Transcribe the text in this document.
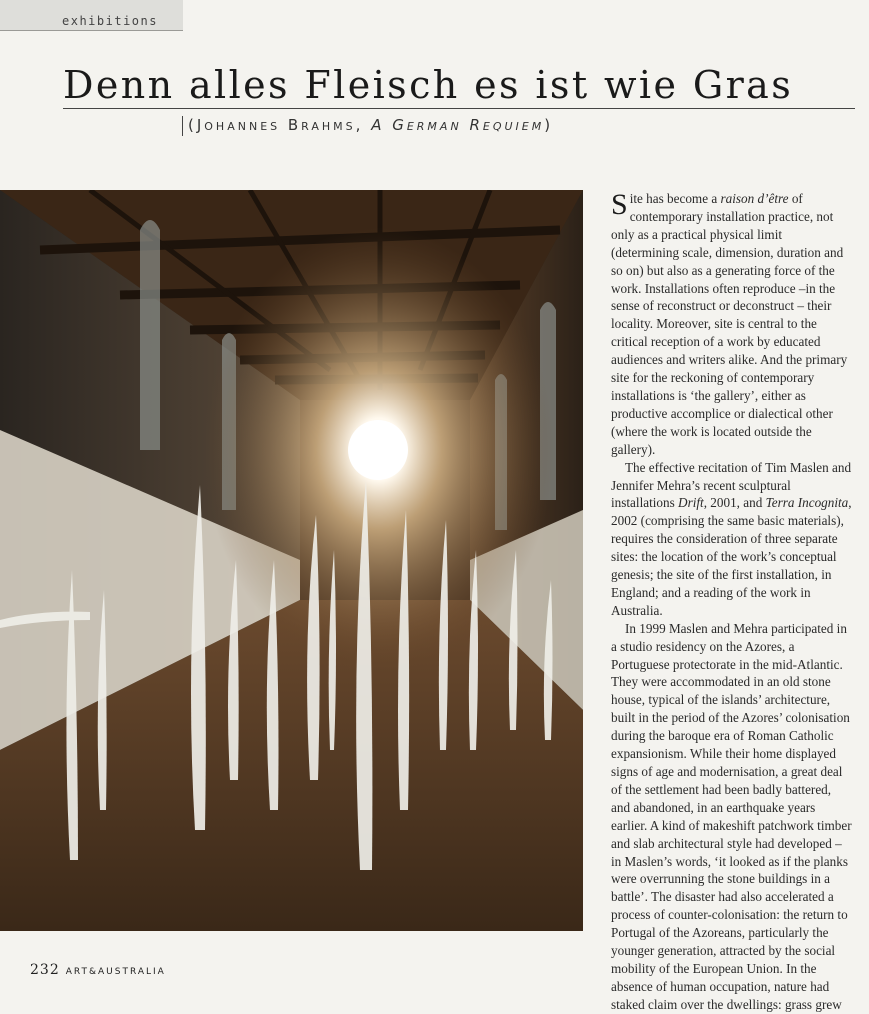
exhibitions
Denn alles Fleisch es ist wie Gras
(Johannes Brahms, A German Requiem)

Site has become a raison d’être of contemporary installation practice, not only as a practical physical limit (determining scale, dimension, duration and so on) but also as a generating force of the work. Installations often reproduce –in the sense of reconstruct or deconstruct – their locality. Moreover, site is central to the critical reception of a work by educated audiences and writers alike. And the primary site for the reckoning of contemporary installations is ‘the gallery’, either as productive accomplice or dialectical other (where the work is located outside the gallery).

The effective recitation of Tim Maslen and Jennifer Mehra’s recent sculptural installations Drift, 2001, and Terra Incognita, 2002 (comprising the same basic materials), requires the consideration of three separate sites: the location of the work’s conceptual genesis; the site of the first installation, in England; and a reading of the work in Australia.

In 1999 Maslen and Mehra participated in a studio residency on the Azores, a Portuguese protectorate in the mid-Atlantic. They were accommodated in an old stone house, typical of the islands’ architecture, built in the period of the Azores’ colonisation during the baroque era of Roman Catholic expansionism. While their home displayed signs of age and modernisation, a great deal of the settlement had been badly battered, and abandoned, in an earthquake years earlier. A kind of makeshift patchwork timber and slab architectural style had developed – in Maslen’s words, ‘it looked as if the planks were overrunning the stone buildings in a battle’. The disaster had also accelerated a process of counter-colonisation: the return to Portugal of the Azoreans, particularly the younger generation, attracted by the social mobility of the European Union. In the absence of human occupation, nature had staked claim over the dwellings: grass grew

232 ART&AUSTRALIA
